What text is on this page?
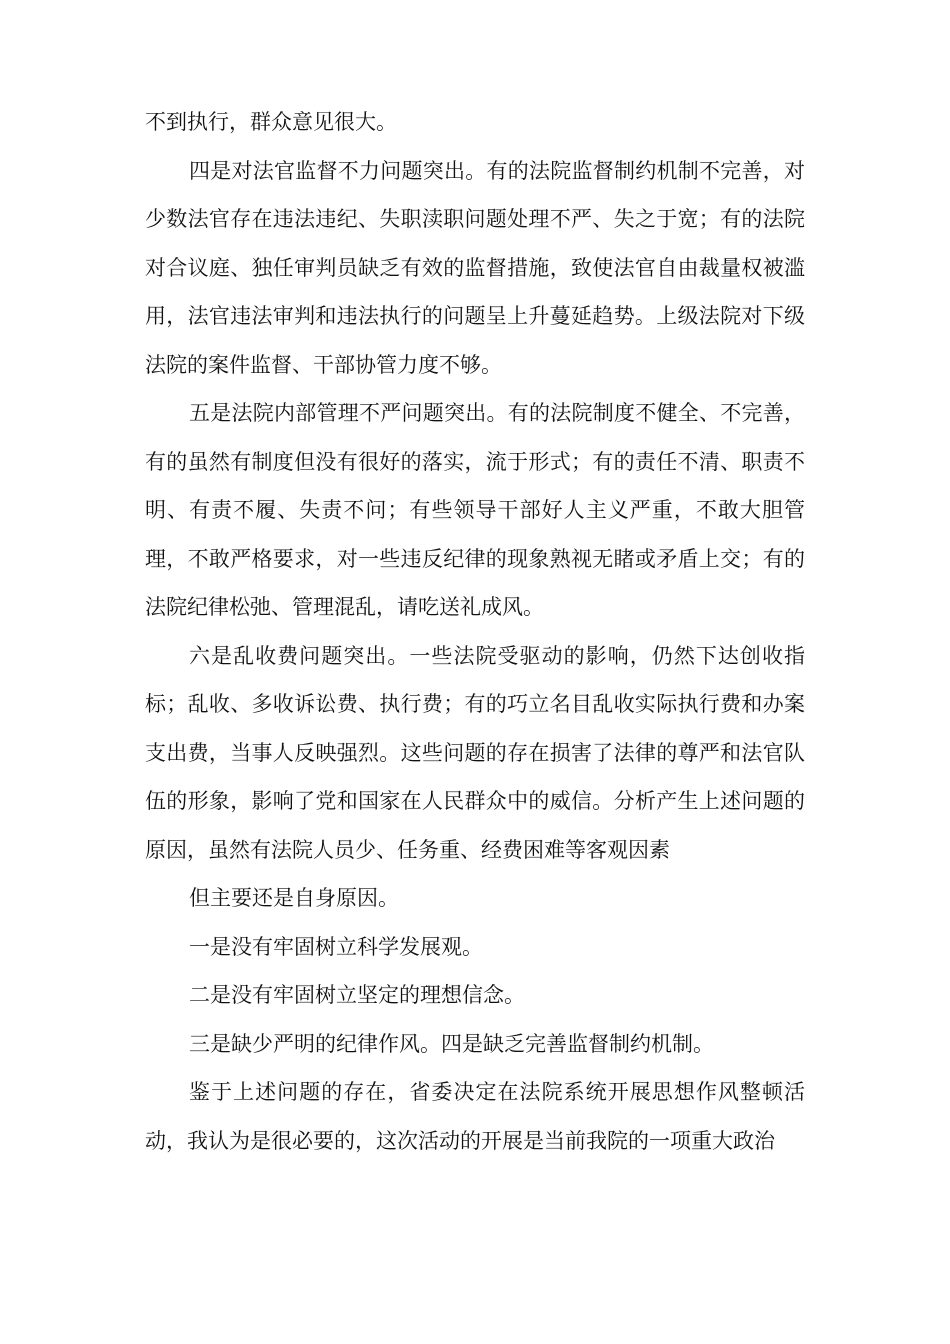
不到执行，群众意见很大。

四是对法官监督不力问题突出。有的法院监督制约机制不完善，对少数法官存在违法违纪、失职渎职问题处理不严、失之于宽；有的法院对合议庭、独任审判员缺乏有效的监督措施，致使法官自由裁量权被滥用，法官违法审判和违法执行的问题呈上升蔓延趋势。上级法院对下级法院的案件监督、干部协管力度不够。

五是法院内部管理不严问题突出。有的法院制度不健全、不完善，有的虽然有制度但没有很好的落实，流于形式；有的责任不清、职责不明、有责不履、失责不问；有些领导干部好人主义严重，不敢大胆管理，不敢严格要求，对一些违反纪律的现象熟视无睹或矛盾上交；有的法院纪律松弛、管理混乱，请吃送礼成风。

六是乱收费问题突出。一些法院受驱动的影响，仍然下达创收指标；乱收、多收诉讼费、执行费；有的巧立名目乱收实际执行费和办案支出费，当事人反映强烈。这些问题的存在损害了法律的尊严和法官队伍的形象，影响了党和国家在人民群众中的威信。分析产生上述问题的原因，虽然有法院人员少、任务重、经费困难等客观因素

但主要还是自身原因。

一是没有牢固树立科学发展观。

二是没有牢固树立坚定的理想信念。

三是缺少严明的纪律作风。四是缺乏完善监督制约机制。

鉴于上述问题的存在，省委决定在法院系统开展思想作风整顿活动，我认为是很必要的，这次活动的开展是当前我院的一项重大政治
